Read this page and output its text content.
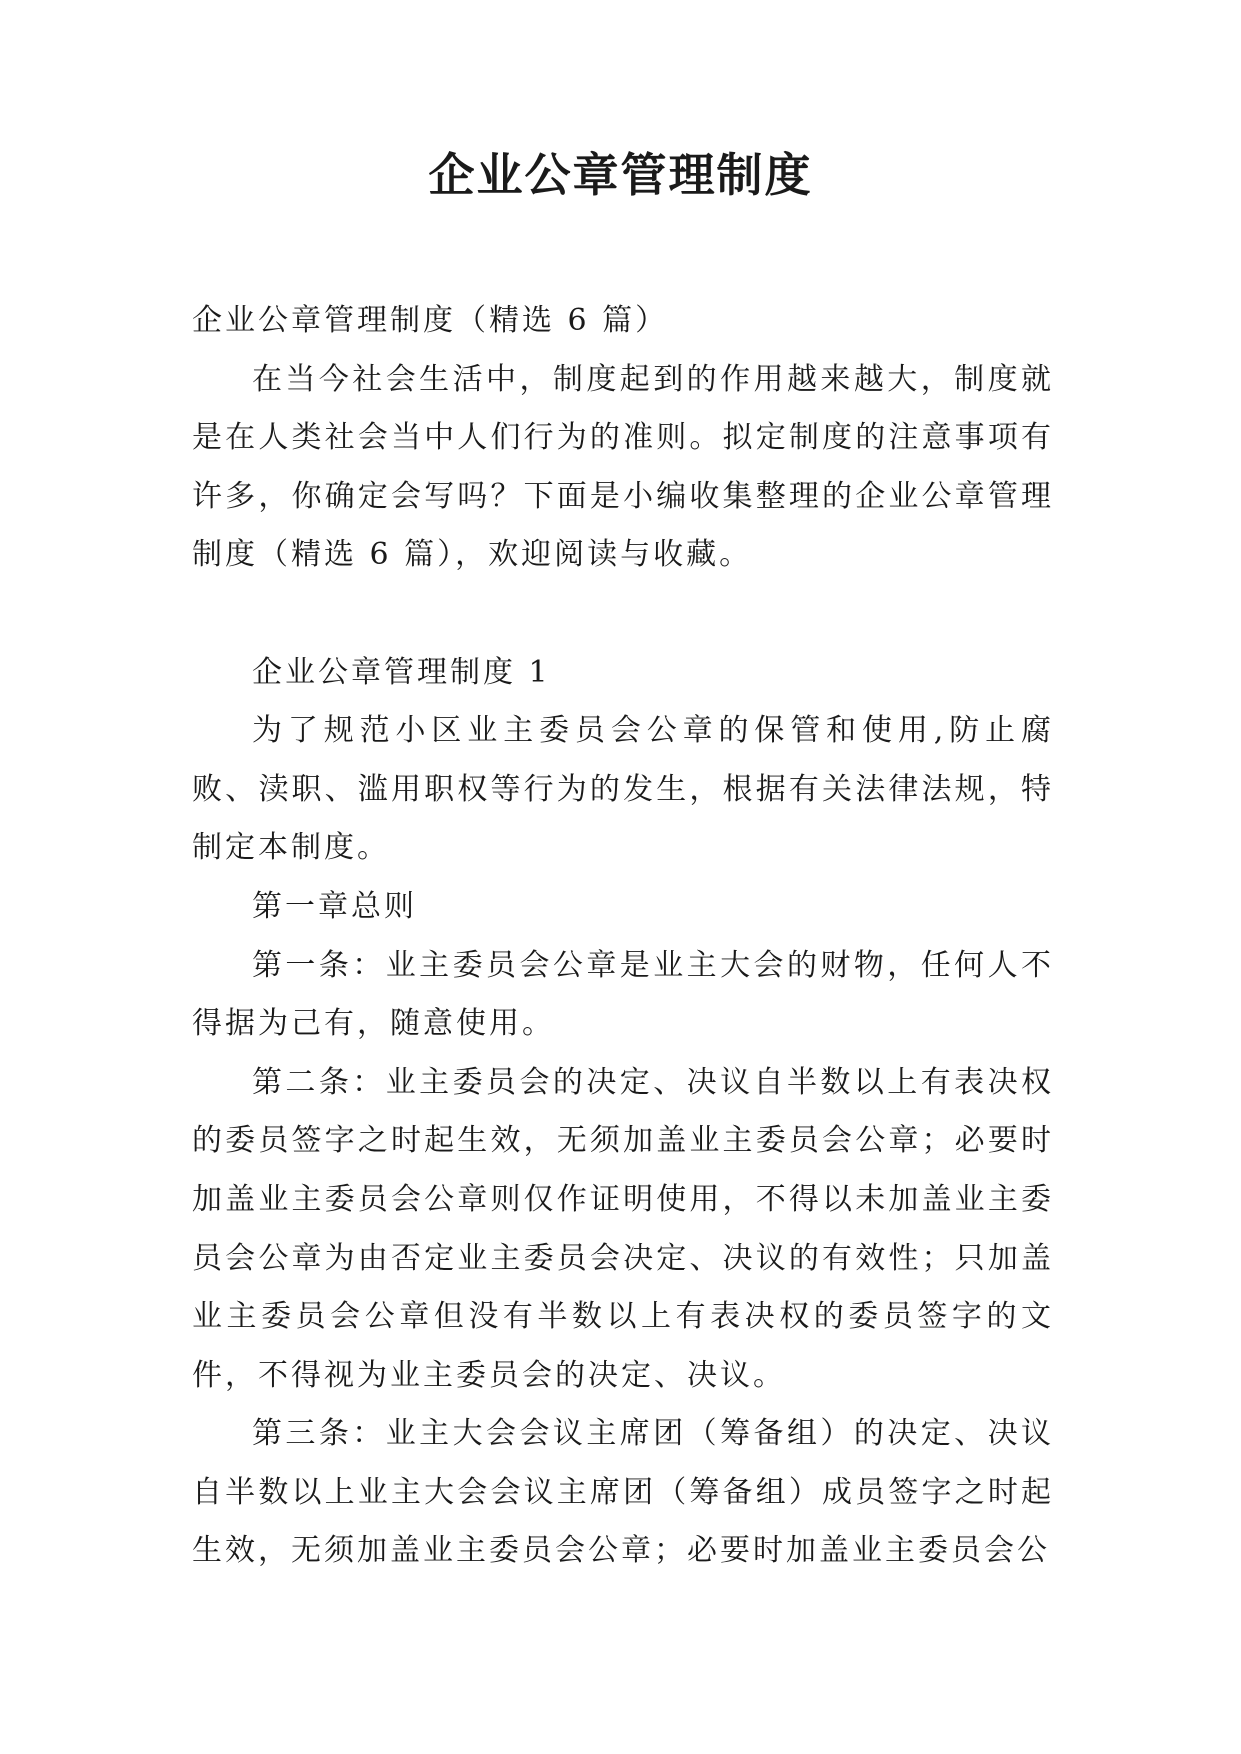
企业公章管理制度

企业公章管理制度（精选 6 篇）

在当今社会生活中，制度起到的作用越来越大，制度就是在人类社会当中人们行为的准则。拟定制度的注意事项有许多，你确定会写吗？下面是小编收集整理的企业公章管理制度（精选 6 篇），欢迎阅读与收藏。

企业公章管理制度 1

为了规范小区业主委员会公章的保管和使用,防止腐败、渎职、滥用职权等行为的发生，根据有关法律法规，特制定本制度。

第一章总则

第一条：业主委员会公章是业主大会的财物，任何人不得据为己有，随意使用。

第二条：业主委员会的决定、决议自半数以上有表决权的委员签字之时起生效，无须加盖业主委员会公章；必要时加盖业主委员会公章则仅作证明使用，不得以未加盖业主委员会公章为由否定业主委员会决定、决议的有效性；只加盖业主委员会公章但没有半数以上有表决权的委员签字的文件，不得视为业主委员会的决定、决议。

第三条：业主大会会议主席团（筹备组）的决定、决议自半数以上业主大会会议主席团（筹备组）成员签字之时起生效，无须加盖业主委员会公章；必要时加盖业主委员会公
